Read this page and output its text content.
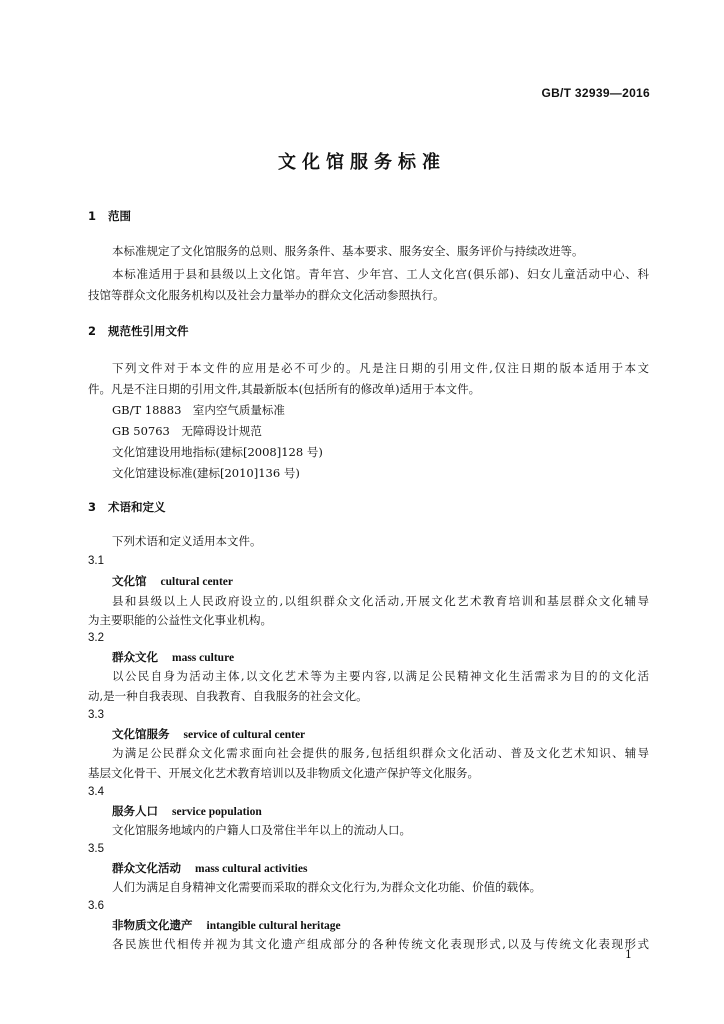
GB/T 32939—2016
文化馆服务标准
1 范围
本标准规定了文化馆服务的总则、服务条件、基本要求、服务安全、服务评价与持续改进等。
本标准适用于县和县级以上文化馆。青年宫、少年宫、工人文化宫(俱乐部)、妇女儿童活动中心、科
技馆等群众文化服务机构以及社会力量举办的群众文化活动参照执行。
2 规范性引用文件
下列文件对于本文件的应用是必不可少的。凡是注日期的引用文件,仅注日期的版本适用于本文
件。凡是不注日期的引用文件,其最新版本(包括所有的修改单)适用于本文件。
GB/T 18883　室内空气质量标准
GB 50763　无障碍设计规范
文化馆建设用地指标(建标[2008]128 号)
文化馆建设标准(建标[2010]136 号)
3 术语和定义
下列术语和定义适用本文件。
3.1
文化馆 cultural center
县和县级以上人民政府设立的,以组织群众文化活动,开展文化艺术教育培训和基层群众文化辅导
为主要职能的公益性文化事业机构。
3.2
群众文化 mass culture
以公民自身为活动主体,以文化艺术等为主要内容,以满足公民精神文化生活需求为目的的文化活
动,是一种自我表现、自我教育、自我服务的社会文化。
3.3
文化馆服务 service of cultural center
为满足公民群众文化需求面向社会提供的服务,包括组织群众文化活动、普及文化艺术知识、辅导
基层文化骨干、开展文化艺术教育培训以及非物质文化遗产保护等文化服务。
3.4
服务人口 service population
文化馆服务地域内的户籍人口及常住半年以上的流动人口。
3.5
群众文化活动 mass cultural activities
人们为满足自身精神文化需要而采取的群众文化行为,为群众文化功能、价值的载体。
3.6
非物质文化遗产 intangible cultural heritage
各民族世代相传并视为其文化遗产组成部分的各种传统文化表现形式,以及与传统文化表现形式
1
